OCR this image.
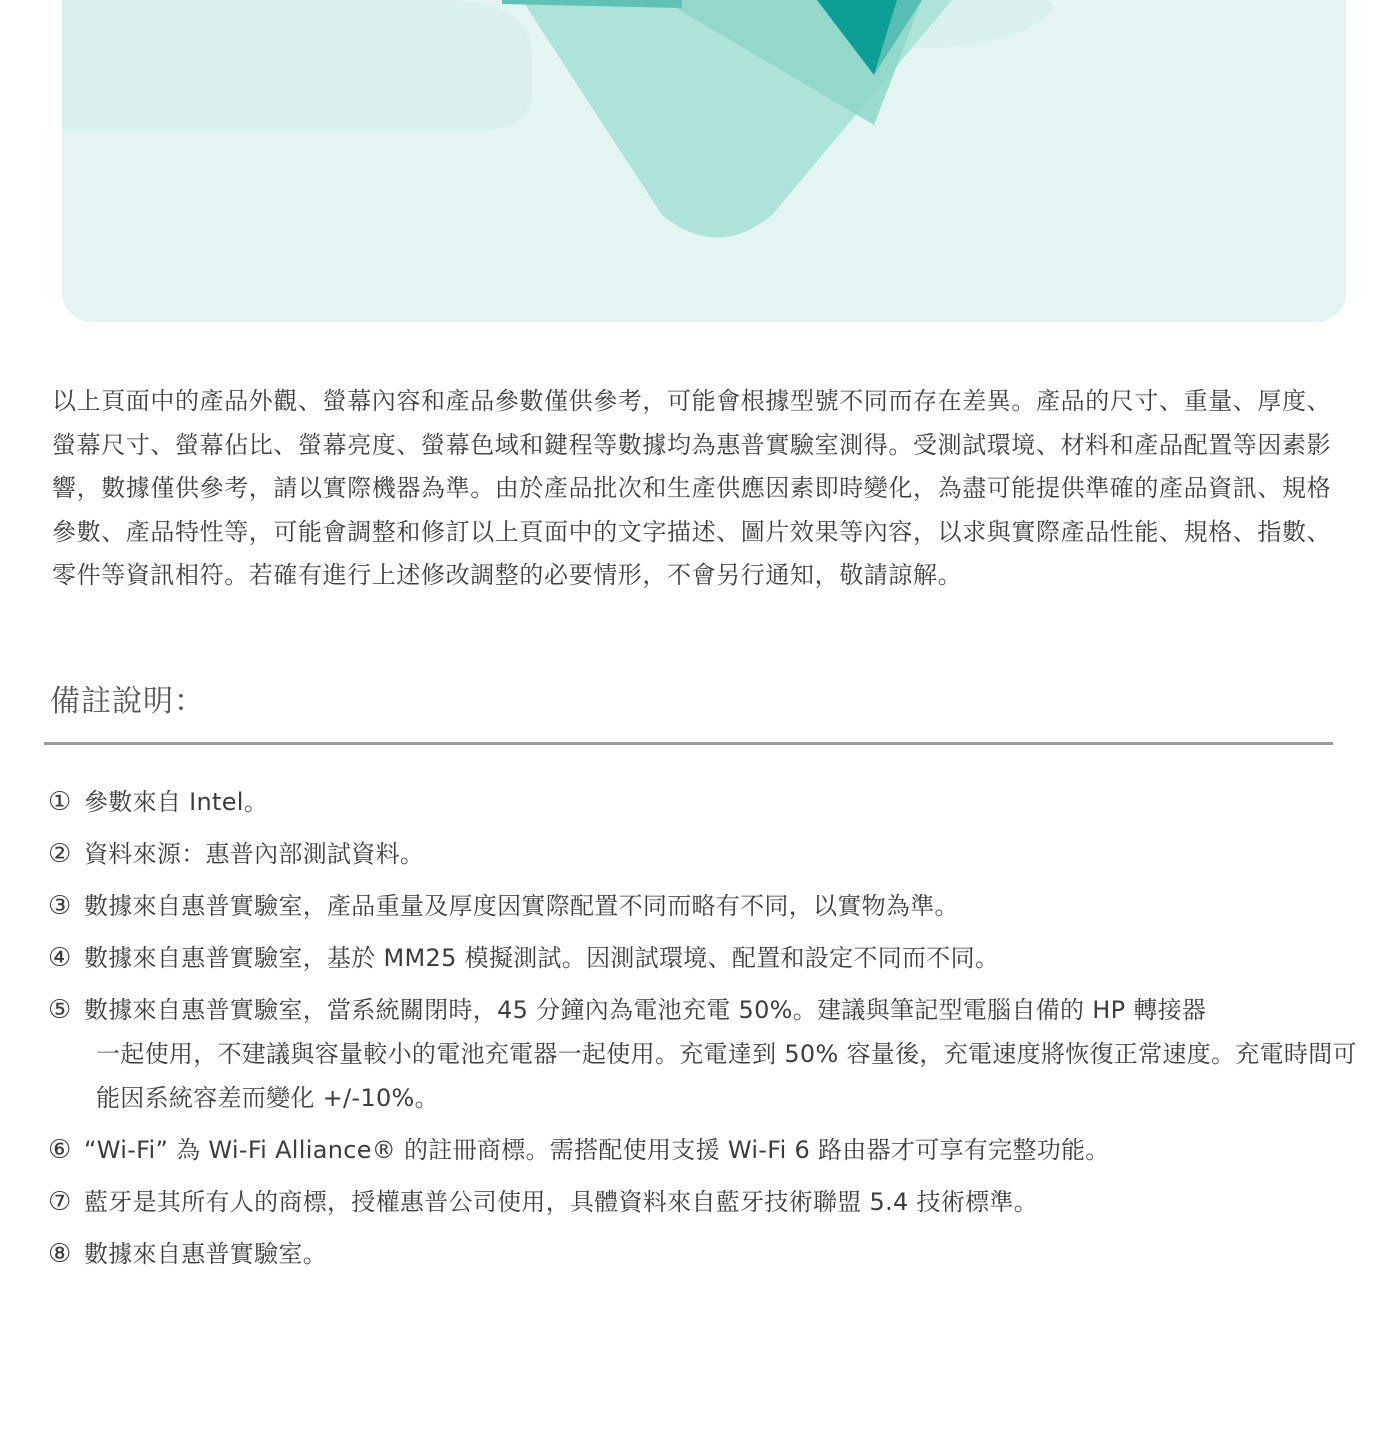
以上頁面中的產品外觀、螢幕內容和產品參數僅供參考，可能會根據型號不同而存在差異。產品的尺寸、重量、厚度、螢幕尺寸、螢幕佔比、螢幕亮度、螢幕色域和鍵程等數據均為惠普實驗室測得。受測試環境、材料和產品配置等因素影響，數據僅供參考，請以實際機器為準。由於產品批次和生產供應因素即時變化，為盡可能提供準確的產品資訊、規格參數、產品特性等，可能會調整和修訂以上頁面中的文字描述、圖片效果等內容，以求與實際產品性能、規格、指數、零件等資訊相符。若確有進行上述修改調整的必要情形，不會另行通知，敬請諒解。

備註說明：
① 參數來自 Intel。
② 資料來源：惠普內部測試資料。
③ 數據來自惠普實驗室，產品重量及厚度因實際配置不同而略有不同，以實物為準。
④ 數據來自惠普實驗室，基於 MM25 模擬測試。因測試環境、配置和設定不同而不同。
⑤ 數據來自惠普實驗室，當系統關閉時，45 分鐘內為電池充電 50%。建議與筆記型電腦自備的 HP 轉接器
一起使用，不建議與容量較小的電池充電器一起使用。充電達到 50% 容量後，充電速度將恢復正常速度。充電時間可能因系統容差而變化 +/-10%。
⑥ “Wi-Fi” 為 Wi-Fi Alliance® 的註冊商標。需搭配使用支援 Wi-Fi 6 路由器才可享有完整功能。
⑦ 藍牙是其所有人的商標，授權惠普公司使用，具體資料來自藍牙技術聯盟 5.4 技術標準。
⑧ 數據來自惠普實驗室。
